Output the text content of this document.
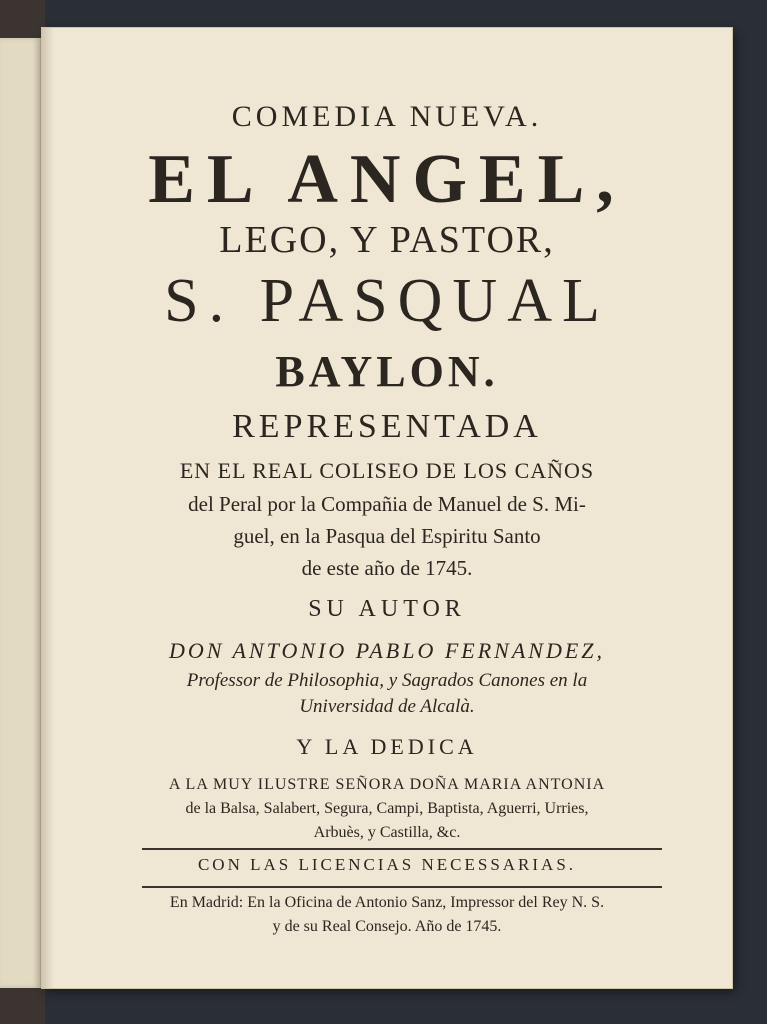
COMEDIA NUEVA.
EL ANGEL,
LEGO, Y PASTOR,
S. PASQUAL
BAYLON.
REPRESENTADA
EN EL REAL COLISEO DE LOS CAÑOS
del Peral por la Compañia de Manuel de S. Mi-
guel, en la Pasqua del Espiritu Santo
de este año de 1745.
SU AUTOR
DON ANTONIO PABLO FERNANDEZ,
Professor de Philosophia, y Sagrados Canones en la
Universidad de Alcalà.
Y LA DEDICA
A LA MUY ILUSTRE SEÑORA DOÑA MARIA ANTONIA
de la Balsa, Salabert, Segura, Campi, Baptista, Aguerri, Urries,
Arbuès, y Castilla, &c.
CON LAS LICENCIAS NECESSARIAS.
En Madrid: En la Oficina de Antonio Sanz, Impressor del Rey N. S.
y de su Real Consejo. Año de 1745.
